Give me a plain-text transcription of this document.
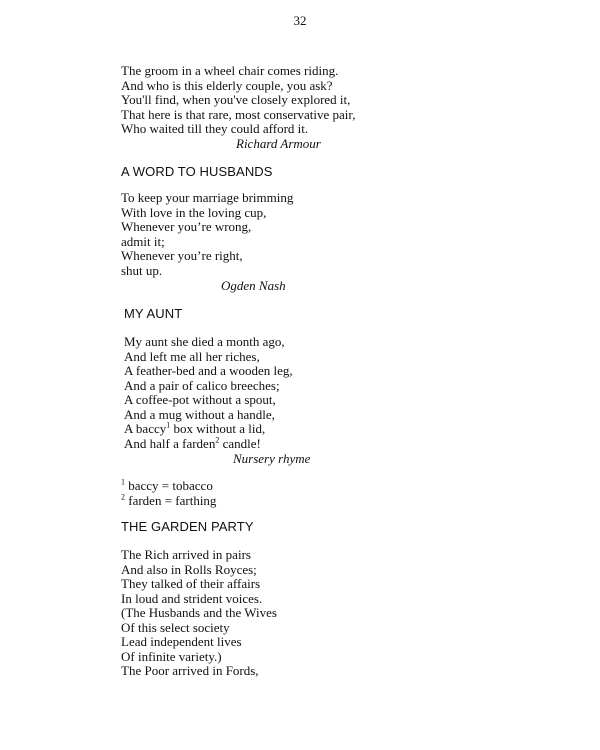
32
The groom in a wheel chair comes riding.
And who is this elderly couple, you ask?
You'll find, when you've closely explored it,
That here is that rare, most conservative pair,
Who waited till they could afford it.
Richard Armour
A WORD TO HUSBANDS
To keep your marriage brimming
With love in the loving cup,
Whenever you’re wrong,
admit it;
Whenever you’re right,
shut up.
Ogden Nash
MY AUNT
My aunt she died a month ago,
And left me all her riches,
A feather-bed and a wooden leg,
And a pair of calico breeches;
A coffee-pot without a spout,
And a mug without a handle,
A baccy$^1$ box without a lid,
And half a farden$^2$ candle!
Nursery rhyme
$^1$ baccy = tobacco
$^2$ farden = farthing
THE GARDEN PARTY
The Rich arrived in pairs
And also in Rolls Royces;
They talked of their affairs
In loud and strident voices.
(The Husbands and the Wives
Of this select society
Lead independent lives
Of infinite variety.)
The Poor arrived in Fords,
